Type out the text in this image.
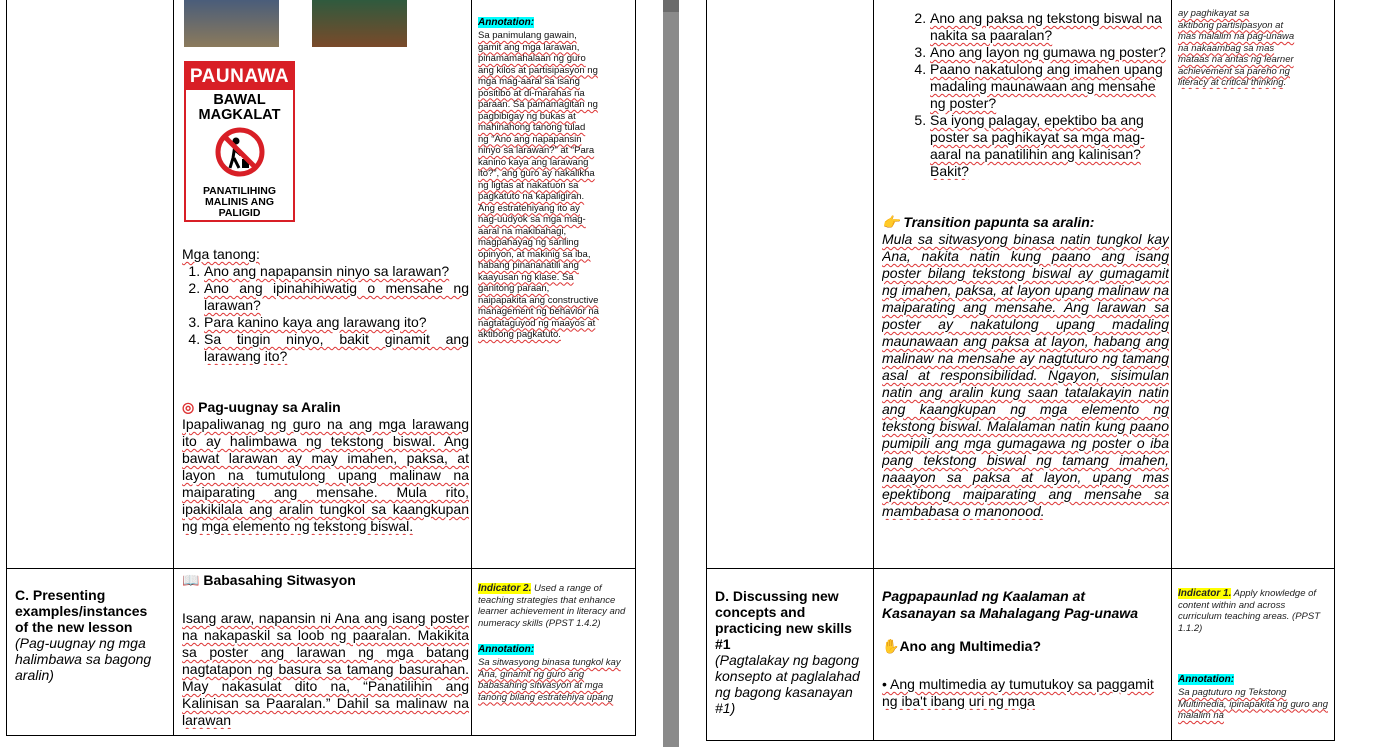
Annotation:
Sa panimulang gawain,
gamit ang mga larawan,
pinamamahalaan ng guro
ang kilos at partisipasyon ng
mga mag-aaral sa isang
positibo at di-marahas na
paraan. Sa pamamagitan ng
pagbibigay ng bukas at
mahinahong tanong tulad
ng “Ano ang napapansin
ninyo sa larawan?” at “Para
kanino kaya ang larawang
ito?”, ang guro ay nakalikha
ng ligtas at nakatuon sa
pagkatuto na kapaligiran.
Ang estratehiyang ito ay
nag-uudyok sa mga mag-
aaral na makibahagi,
magpahayag ng sariling
opinyon, at makinig sa iba,
habang pinananatili ang
kaayusan ng klase. Sa
ganitong paraan,
naipapakita ang constructive
management ng behavior na
nagtataguyod ng maayos at
aktibong pagkatuto.
Mga tanong:
1. Ano ang napapansin ninyo sa larawan?
2. Ano ang ipinahihiwatig o mensahe ng larawan?
3. Para kanino kaya ang larawang ito?
4. Sa tingin ninyo, bakit ginamit ang larawang ito?
◎ Pag-uugnay sa Aralin
Ipapaliwanag ng guro na ang mga larawang ito ay halimbawa ng tekstong biswal. Ang bawat larawan ay may imahen, paksa, at layon na tumutulong upang malinaw na maiparating ang mensahe. Mula rito, ipakikilala ang aralin tungkol sa kaangkupan ng mga elemento ng tekstong biswal.
C. Presenting
examples/instances
of the new lesson
(Pag-uugnay ng mga
halimbawa sa bagong
aralin)
📖 Babasahing Sitwasyon
Isang araw, napansin ni Ana ang isang poster na nakapaskil sa loob ng paaralan. Makikita sa poster ang larawan ng mga batang nagtatapon ng basura sa tamang basurahan. May nakasulat dito na, “Panatilihin ang Kalinisan sa Paaralan.” Dahil sa malinaw na larawan
Indicator 2. Used a range of teaching strategies that enhance learner achievement in literacy and numeracy skills (PPST 1.4.2)
Annotation:
Sa sitwasyong binasa tungkol kay Ana, ginamit ng guro ang babasahing sitwasyon at mga tanong bilang estratehiya upang
PAUNAWA
BAWAL
MAGKALAT
PANATILIHING
MALINIS ANG
PALIGID
2. Ano ang paksa ng tekstong biswal na nakita sa paaralan?
3. Ano ang layon ng gumawa ng poster?
4. Paano nakatulong ang imahen upang madaling maunawaan ang mensahe ng poster?
5. Sa iyong palagay, epektibo ba ang poster sa paghikayat sa mga mag-aaral na panatilihin ang kalinisan? Bakit?
ay paghikayat sa
aktibong partisipasyon at
mas malalim na pag-unawa
na nakaambag sa mas
mataas na antas ng learner
achievement sa pareho ng
literacy at critical thinking.
👉 Transition papunta sa aralin:
Mula sa sitwasyong binasa natin tungkol kay Ana, nakita natin kung paano ang isang poster bilang tekstong biswal ay gumagamit ng imahen, paksa, at layon upang malinaw na maiparating ang mensahe. Ang larawan sa poster ay nakatulong upang madaling maunawaan ang paksa at layon, habang ang malinaw na mensahe ay nagtuturo ng tamang asal at responsibilidad. Ngayon, sisimulan natin ang aralin kung saan tatalakayin natin ang kaangkupan ng mga elemento ng tekstong biswal. Malalaman natin kung paano pumipili ang mga gumagawa ng poster o iba pang tekstong biswal ng tamang imahen, naaayon sa paksa at layon, upang mas epektibong maiparating ang mensahe sa mambabasa o manonood.
D. Discussing new
concepts and
practicing new skills
#1
(Pagtalakay ng bagong
konsepto at paglalahad
ng bagong kasanayan
#1)
Pagpapaunlad ng Kaalaman at
Kasanayan sa Mahalagang Pag-unawa
✋Ano ang Multimedia?
• Ang multimedia ay tumutukoy sa paggamit ng iba't ibang uri ng mga
Indicator 1. Apply knowledge of content within and across curriculum teaching areas. (PPST 1.1.2)
Annotation:
Sa pagtuturo ng Tekstong Multimedia, ipinapakita ng guro ang malalim na
